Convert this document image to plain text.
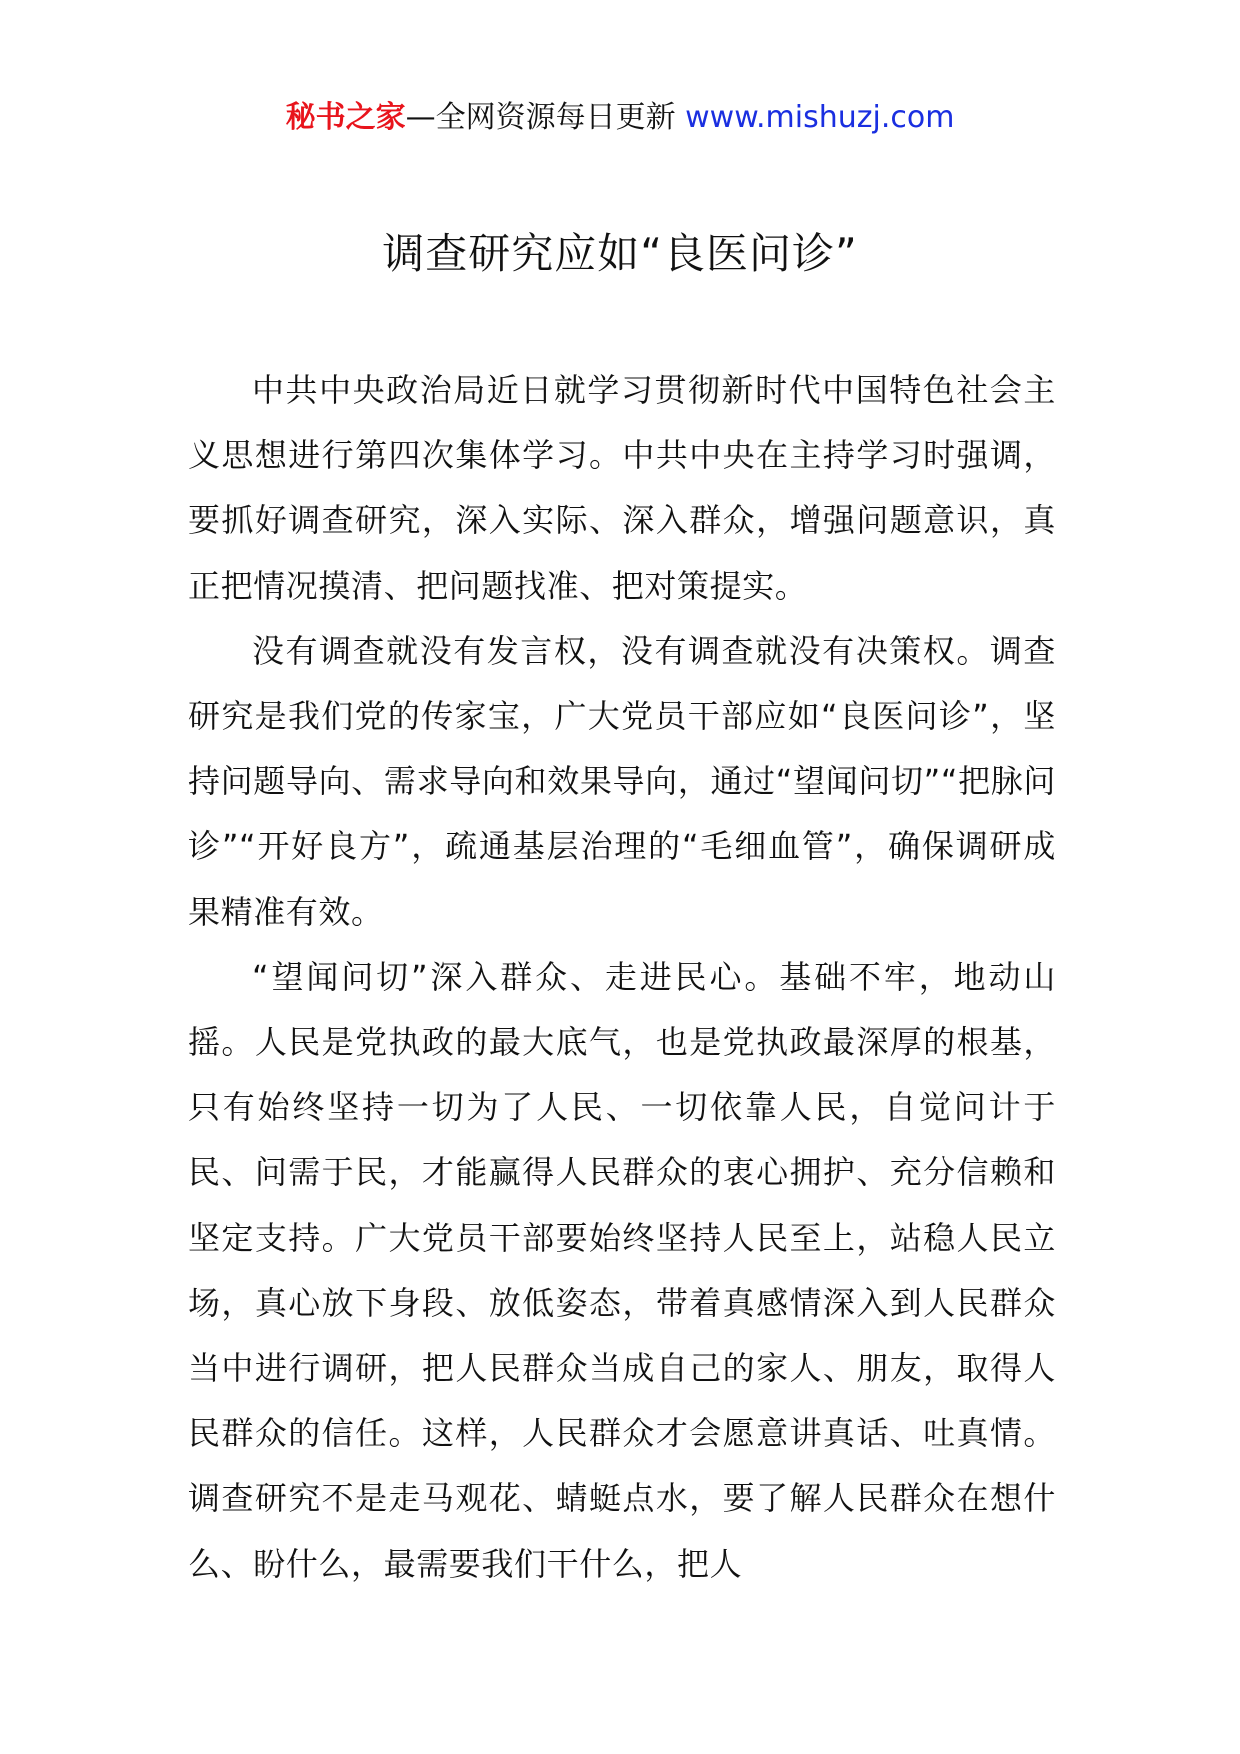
秘书之家—全网资源每日更新 www.mishuzj.com
调查研究应如“良医问诊”

中共中央政治局近日就学习贯彻新时代中国特色社会主义思想进行第四次集体学习。中共中央在主持学习时强调，要抓好调查研究，深入实际、深入群众，增强问题意识，真正把情况摸清、把问题找准、把对策提实。

没有调查就没有发言权，没有调查就没有决策权。调查研究是我们党的传家宝，广大党员干部应如“良医问诊”，坚持问题导向、需求导向和效果导向，通过“望闻问切”“把脉问诊”“开好良方”，疏通基层治理的“毛细血管”，确保调研成果精准有效。

“望闻问切”深入群众、走进民心。基础不牢，地动山摇。人民是党执政的最大底气，也是党执政最深厚的根基，只有始终坚持一切为了人民、一切依靠人民，自觉问计于民、问需于民，才能赢得人民群众的衷心拥护、充分信赖和坚定支持。广大党员干部要始终坚持人民至上，站稳人民立场，真心放下身段、放低姿态，带着真感情深入到人民群众当中进行调研，把人民群众当成自己的家人、朋友，取得人民群众的信任。这样，人民群众才会愿意讲真话、吐真情。调查研究不是走马观花、蜻蜓点水，要了解人民群众在想什么、盼什么，最需要我们干什么，把人
